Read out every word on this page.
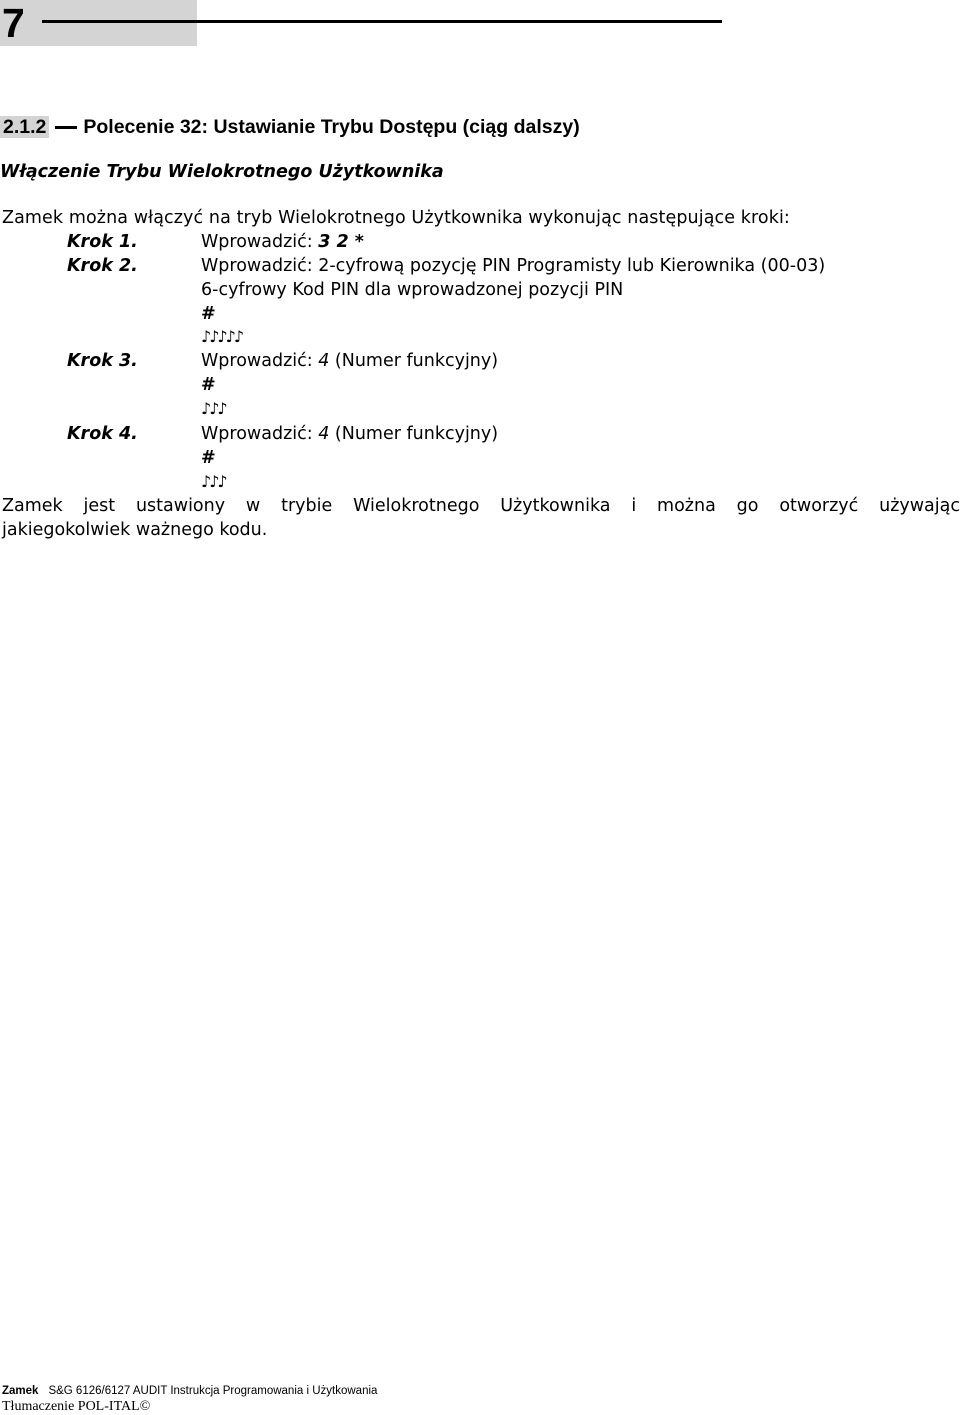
7
2.1.2 Polecenie 32: Ustawianie Trybu Dostępu (ciąg dalszy)
Włączenie Trybu Wielokrotnego Użytkownika
Zamek można włączyć na tryb Wielokrotnego Użytkownika wykonując następujące kroki:
Krok 1.	Wprowadzić: 3 2 *
Krok 2.	Wprowadzić: 2-cyfrową pozycję PIN Programisty lub Kierownika (00-03)
6-cyfrowy Kod PIN dla wprowadzonej pozycji PIN
#
♪♪♪♪♪
Krok 3.	Wprowadzić: 4 (Numer funkcyjny)
#
♪♪♪
Krok 4.	Wprowadzić: 4 (Numer funkcyjny)
#
♪♪♪
Zamek jest ustawiony w trybie Wielokrotnego Użytkownika i można go otworzyć używając
jakiegokolwiek ważnego kodu.
Zamek S&G 6126/6127 AUDIT Instrukcja Programowania i Użytkowania
Tłumaczenie POL-ITAL©
